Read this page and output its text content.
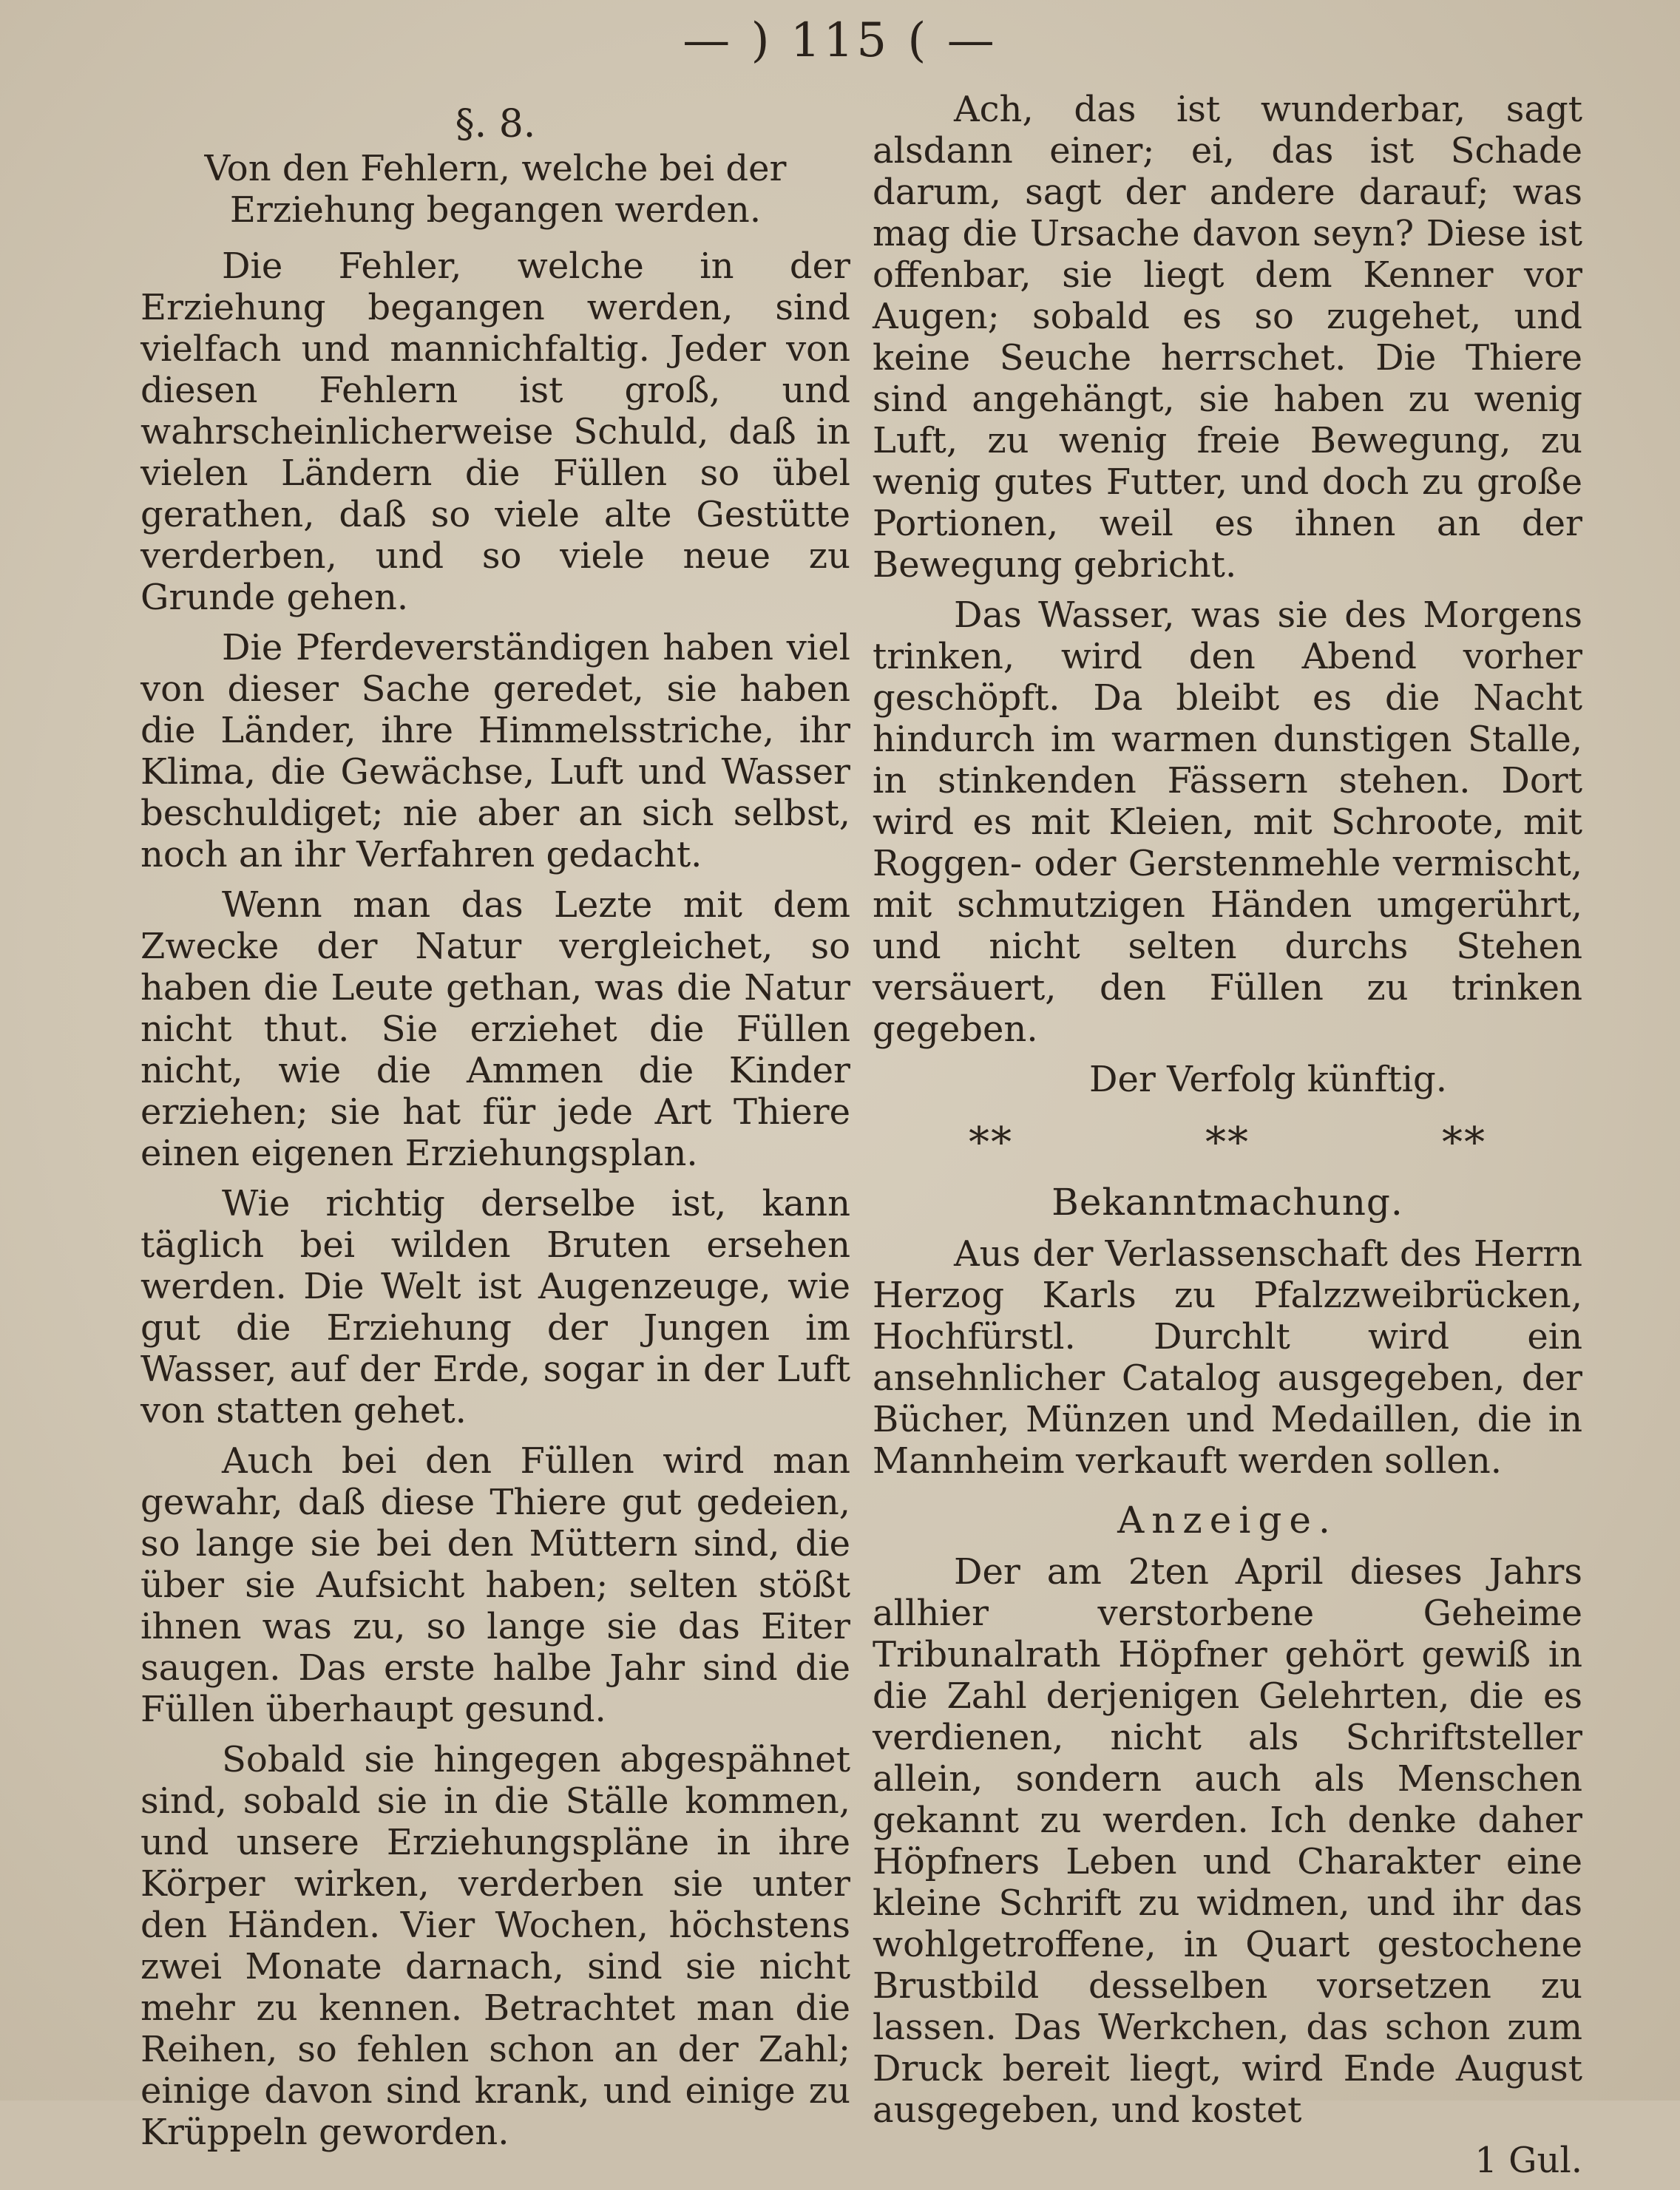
— ) 115 ( —
§. 8.
Von den Fehlern, welche bei der Erziehung begangen werden.

Die Fehler, welche in der Erziehung begangen werden, sind vielfach und mannichfaltig. Jeder von diesen Fehlern ist groß, und wahrscheinlicherweise Schuld, daß in vielen Ländern die Füllen so übel gerathen, daß so viele alte Gestütte verderben, und so viele neue zu Grunde gehen.

Die Pferdeverständigen haben viel von dieser Sache geredet, sie haben die Länder, ihre Himmelsstriche, ihr Klima, die Gewächse, Luft und Wasser beschuldiget; nie aber an sich selbst, noch an ihr Verfahren gedacht.

Wenn man das Lezte mit dem Zwecke der Natur vergleichet, so haben die Leute gethan, was die Natur nicht thut. Sie erziehet die Füllen nicht, wie die Ammen die Kinder erziehen; sie hat für jede Art Thiere einen eigenen Erziehungsplan.

Wie richtig derselbe ist, kann täglich bei wilden Bruten ersehen werden. Die Welt ist Augenzeuge, wie gut die Erziehung der Jungen im Wasser, auf der Erde, sogar in der Luft von statten gehet.

Auch bei den Füllen wird man gewahr, daß diese Thiere gut gedeien, so lange sie bei den Müttern sind, die über sie Aufsicht haben; selten stößt ihnen was zu, so lange sie das Eiter saugen. Das erste halbe Jahr sind die Füllen überhaupt gesund.

Sobald sie hingegen abgespähnet sind, sobald sie in die Ställe kommen, und unsere Erziehungspläne in ihre Körper wirken, verderben sie unter den Händen. Vier Wochen, höchstens zwei Monate darnach, sind sie nicht mehr zu kennen. Betrachtet man die Reihen, so fehlen schon an der Zahl; einige davon sind krank, und einige zu Krüppeln geworden.

Ach, das ist wunderbar, sagt alsdann einer; ei, das ist Schade darum, sagt der andere darauf; was mag die Ursache davon seyn? Diese ist offenbar, sie liegt dem Kenner vor Augen; sobald es so zugehet, und keine Seuche herrschet. Die Thiere sind angehängt, sie haben zu wenig Luft, zu wenig freie Bewegung, zu wenig gutes Futter, und doch zu große Portionen, weil es ihnen an der Bewegung gebricht.

Das Wasser, was sie des Morgens trinken, wird den Abend vorher geschöpft. Da bleibt es die Nacht hindurch im warmen dunstigen Stalle, in stinkenden Fässern stehen. Dort wird es mit Kleien, mit Schroote, mit Roggen- oder Gerstenmehle vermischt, mit schmutzigen Händen umgerührt, und nicht selten durchs Stehen versäuert, den Füllen zu trinken gegeben.

Der Verfolg künftig.

**	**	**
Bekanntmachung.

Aus der Verlassenschaft des Herrn Herzog Karls zu Pfalzzweibrücken, Hochfürstl. Durchlt wird ein ansehnlicher Catalog ausgegeben, der Bücher, Münzen und Medaillen, die in Mannheim verkauft werden sollen.

Anzeige.

Der am 2ten April dieses Jahrs allhier verstorbene Geheime Tribunalrath Höpfner gehört gewiß in die Zahl derjenigen Gelehrten, die es verdienen, nicht als Schriftsteller allein, sondern auch als Menschen gekannt zu werden. Ich denke daher Höpfners Leben und Charakter eine kleine Schrift zu widmen, und ihr das wohlgetroffene, in Quart gestochene Brustbild desselben vorsetzen zu lassen. Das Werkchen, das schon zum Druck bereit liegt, wird Ende August ausgegeben, und kostet

1 Gul.
